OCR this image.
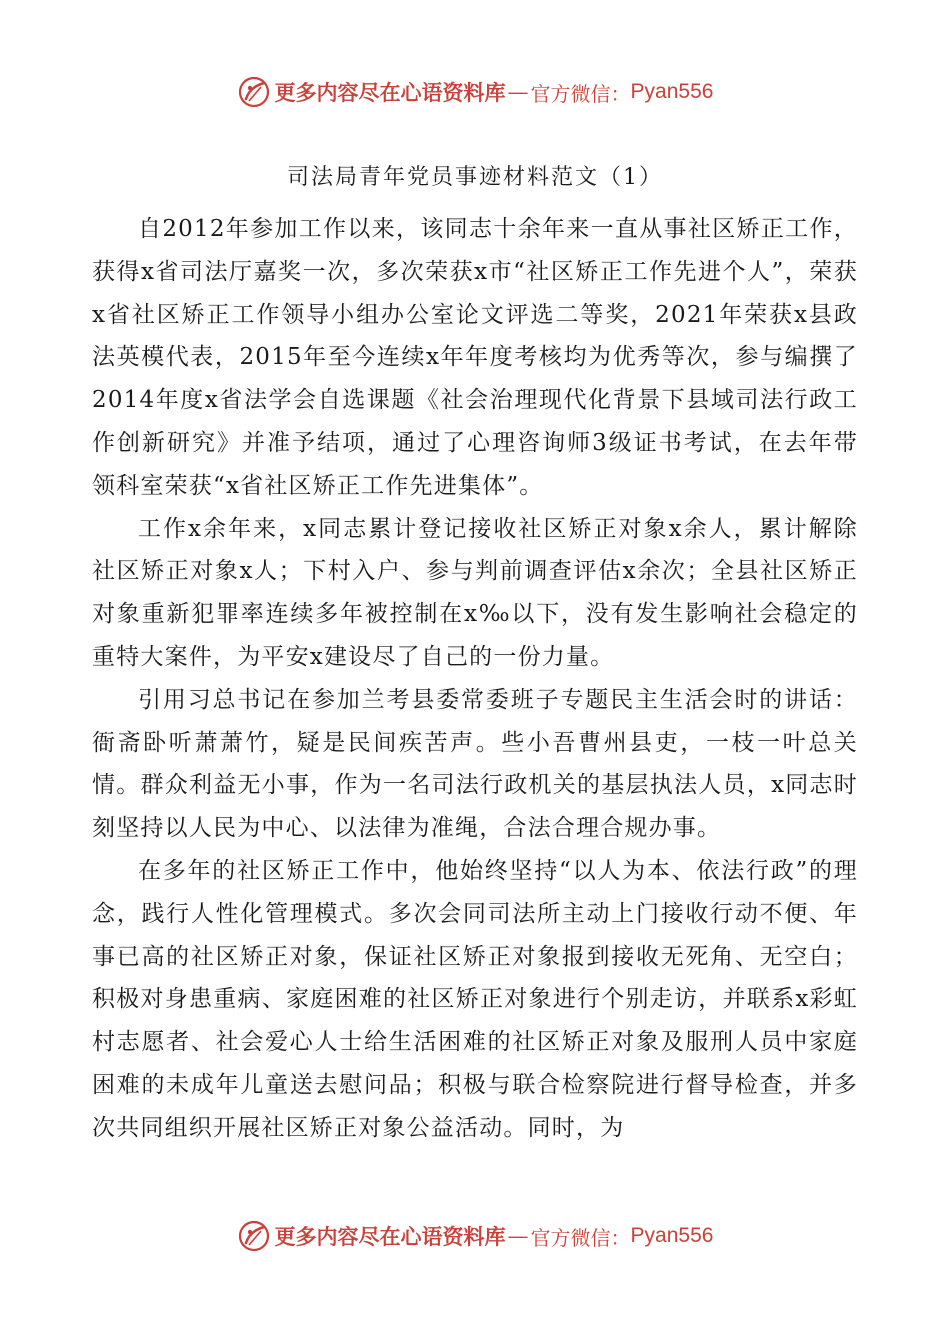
更多内容尽在心语资料库 — 官方微信： Pyan556
司法局青年党员事迹材料范文（1）

自2012年参加工作以来，该同志十余年来一直从事社区矫正工作，获得x省司法厅嘉奖一次，多次荣获x市“社区矫正工作先进个人”，荣获x省社区矫正工作领导小组办公室论文评选二等奖，2021年荣获x县政法英模代表，2015年至今连续x年年度考核均为优秀等次，参与编撰了2014年度x省法学会自选课题《社会治理现代化背景下县域司法行政工作创新研究》并准予结项，通过了心理咨询师3级证书考试，在去年带领科室荣获“x省社区矫正工作先进集体”。

工作x余年来，x同志累计登记接收社区矫正对象x余人，累计解除社区矫正对象x人；下村入户、参与判前调查评估x余次；全县社区矫正对象重新犯罪率连续多年被控制在x‰以下，没有发生影响社会稳定的重特大案件，为平安x建设尽了自己的一份力量。

引用习总书记在参加兰考县委常委班子专题民主生活会时的讲话：衙斋卧听萧萧竹，疑是民间疾苦声。些小吾曹州县吏，一枝一叶总关情。群众利益无小事，作为一名司法行政机关的基层执法人员，x同志时刻坚持以人民为中心、以法律为准绳，合法合理合规办事。

在多年的社区矫正工作中，他始终坚持“以人为本、依法行政”的理念，践行人性化管理模式。多次会同司法所主动上门接收行动不便、年事已高的社区矫正对象，保证社区矫正对象报到接收无死角、无空白；积极对身患重病、家庭困难的社区矫正对象进行个别走访，并联系x彩虹村志愿者、社会爱心人士给生活困难的社区矫正对象及服刑人员中家庭困难的未成年儿童送去慰问品；积极与联合检察院进行督导检查，并多次共同组织开展社区矫正对象公益活动。同时，为

更多内容尽在心语资料库 — 官方微信： Pyan556
